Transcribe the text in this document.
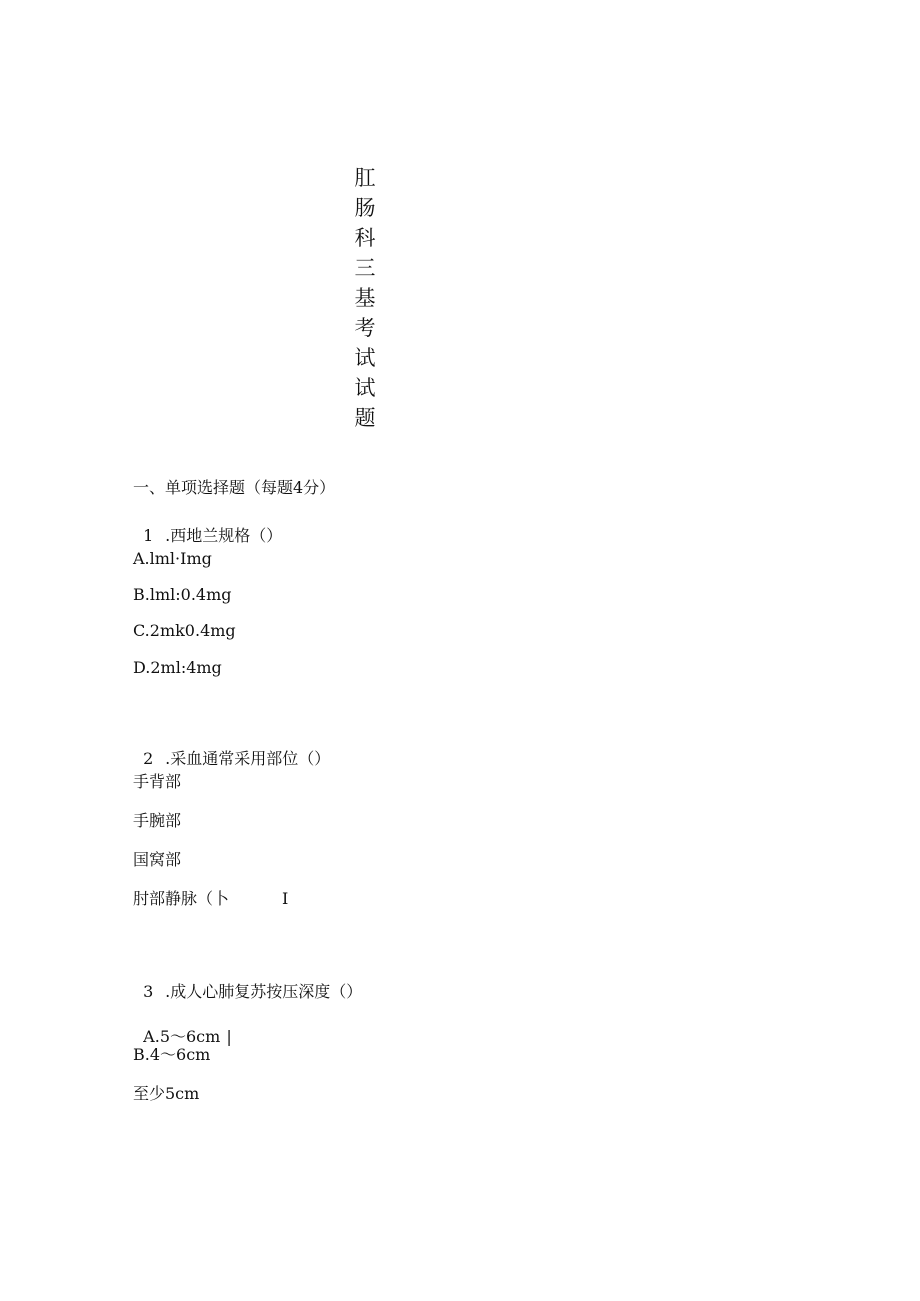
肛
肠
科
三
基
考
试
试
题
一、单项选择题（每题4分）

1 .西地兰规格（）

A.lml·Img
B.lml:0.4mg
C.2mk0.4mg
D.2ml:4mg

2 .采血通常采用部位（）

手背部
手腕部
国窝部
肘部静脉（卜	I

3 .成人心肺复苏按压深度（）

A.5～6cm |

B.4～6cm
至少5cm
